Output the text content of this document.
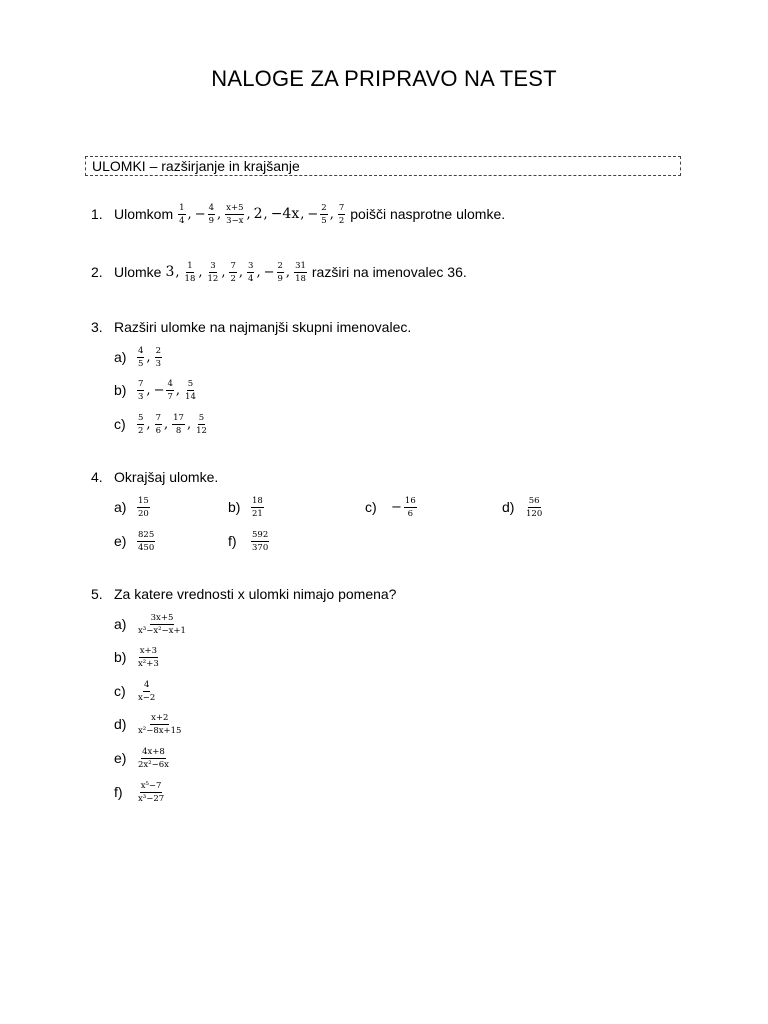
NALOGE ZA PRIPRAVO NA TEST
ULOMKI – razširjanje in krajšanje
1. Ulomkom $\frac{1}{4}$ , − $\frac{4}{9}$ , $\frac{x+5}{3-x}$ , 2, −4x, − $\frac{2}{5}$ , $\frac{7}{2}$ poišči nasprotne ulomke.
2. Ulomke 3, $\frac{1}{18}$ , $\frac{3}{12}$ , $\frac{7}{2}$ , $\frac{3}{4}$ , − $\frac{2}{9}$ , $\frac{31}{18}$ razširi na imenovalec 36.
3. Razširi ulomke na najmanjši skupni imenovalec.
a)	$\frac{4}{5}$ , $\frac{2}{3}$
b)	$\frac{7}{3}$ , − $\frac{4}{7}$ , $\frac{5}{14}$
c)	$\frac{5}{2}$ , $\frac{7}{6}$ , $\frac{17}{8}$ , $\frac{5}{12}$
4. Okrajšaj ulomke.
a)	$\frac{15}{20}$	b)	$\frac{18}{21}$	c)	− $\frac{16}{6}$	d)	$\frac{56}{120}$
e)	$\frac{825}{450}$	f)	$\frac{592}{370}$
5. Za katere vrednosti x ulomki nimajo pomena?
a)	$\frac{3x+5}{\text{x³−x²−x+1}}$
b)	$\frac{x+3}{\text{x²+3}}$
c)	$\frac{4}{x-2}$
d)	$\frac{x+2}{\text{x²−8x+15}}$
e)	$\frac{4x+8}{\text{2x²−6x}}$
f)	$\frac{\text{x⁵−7}}{\text{x³−27}}$
